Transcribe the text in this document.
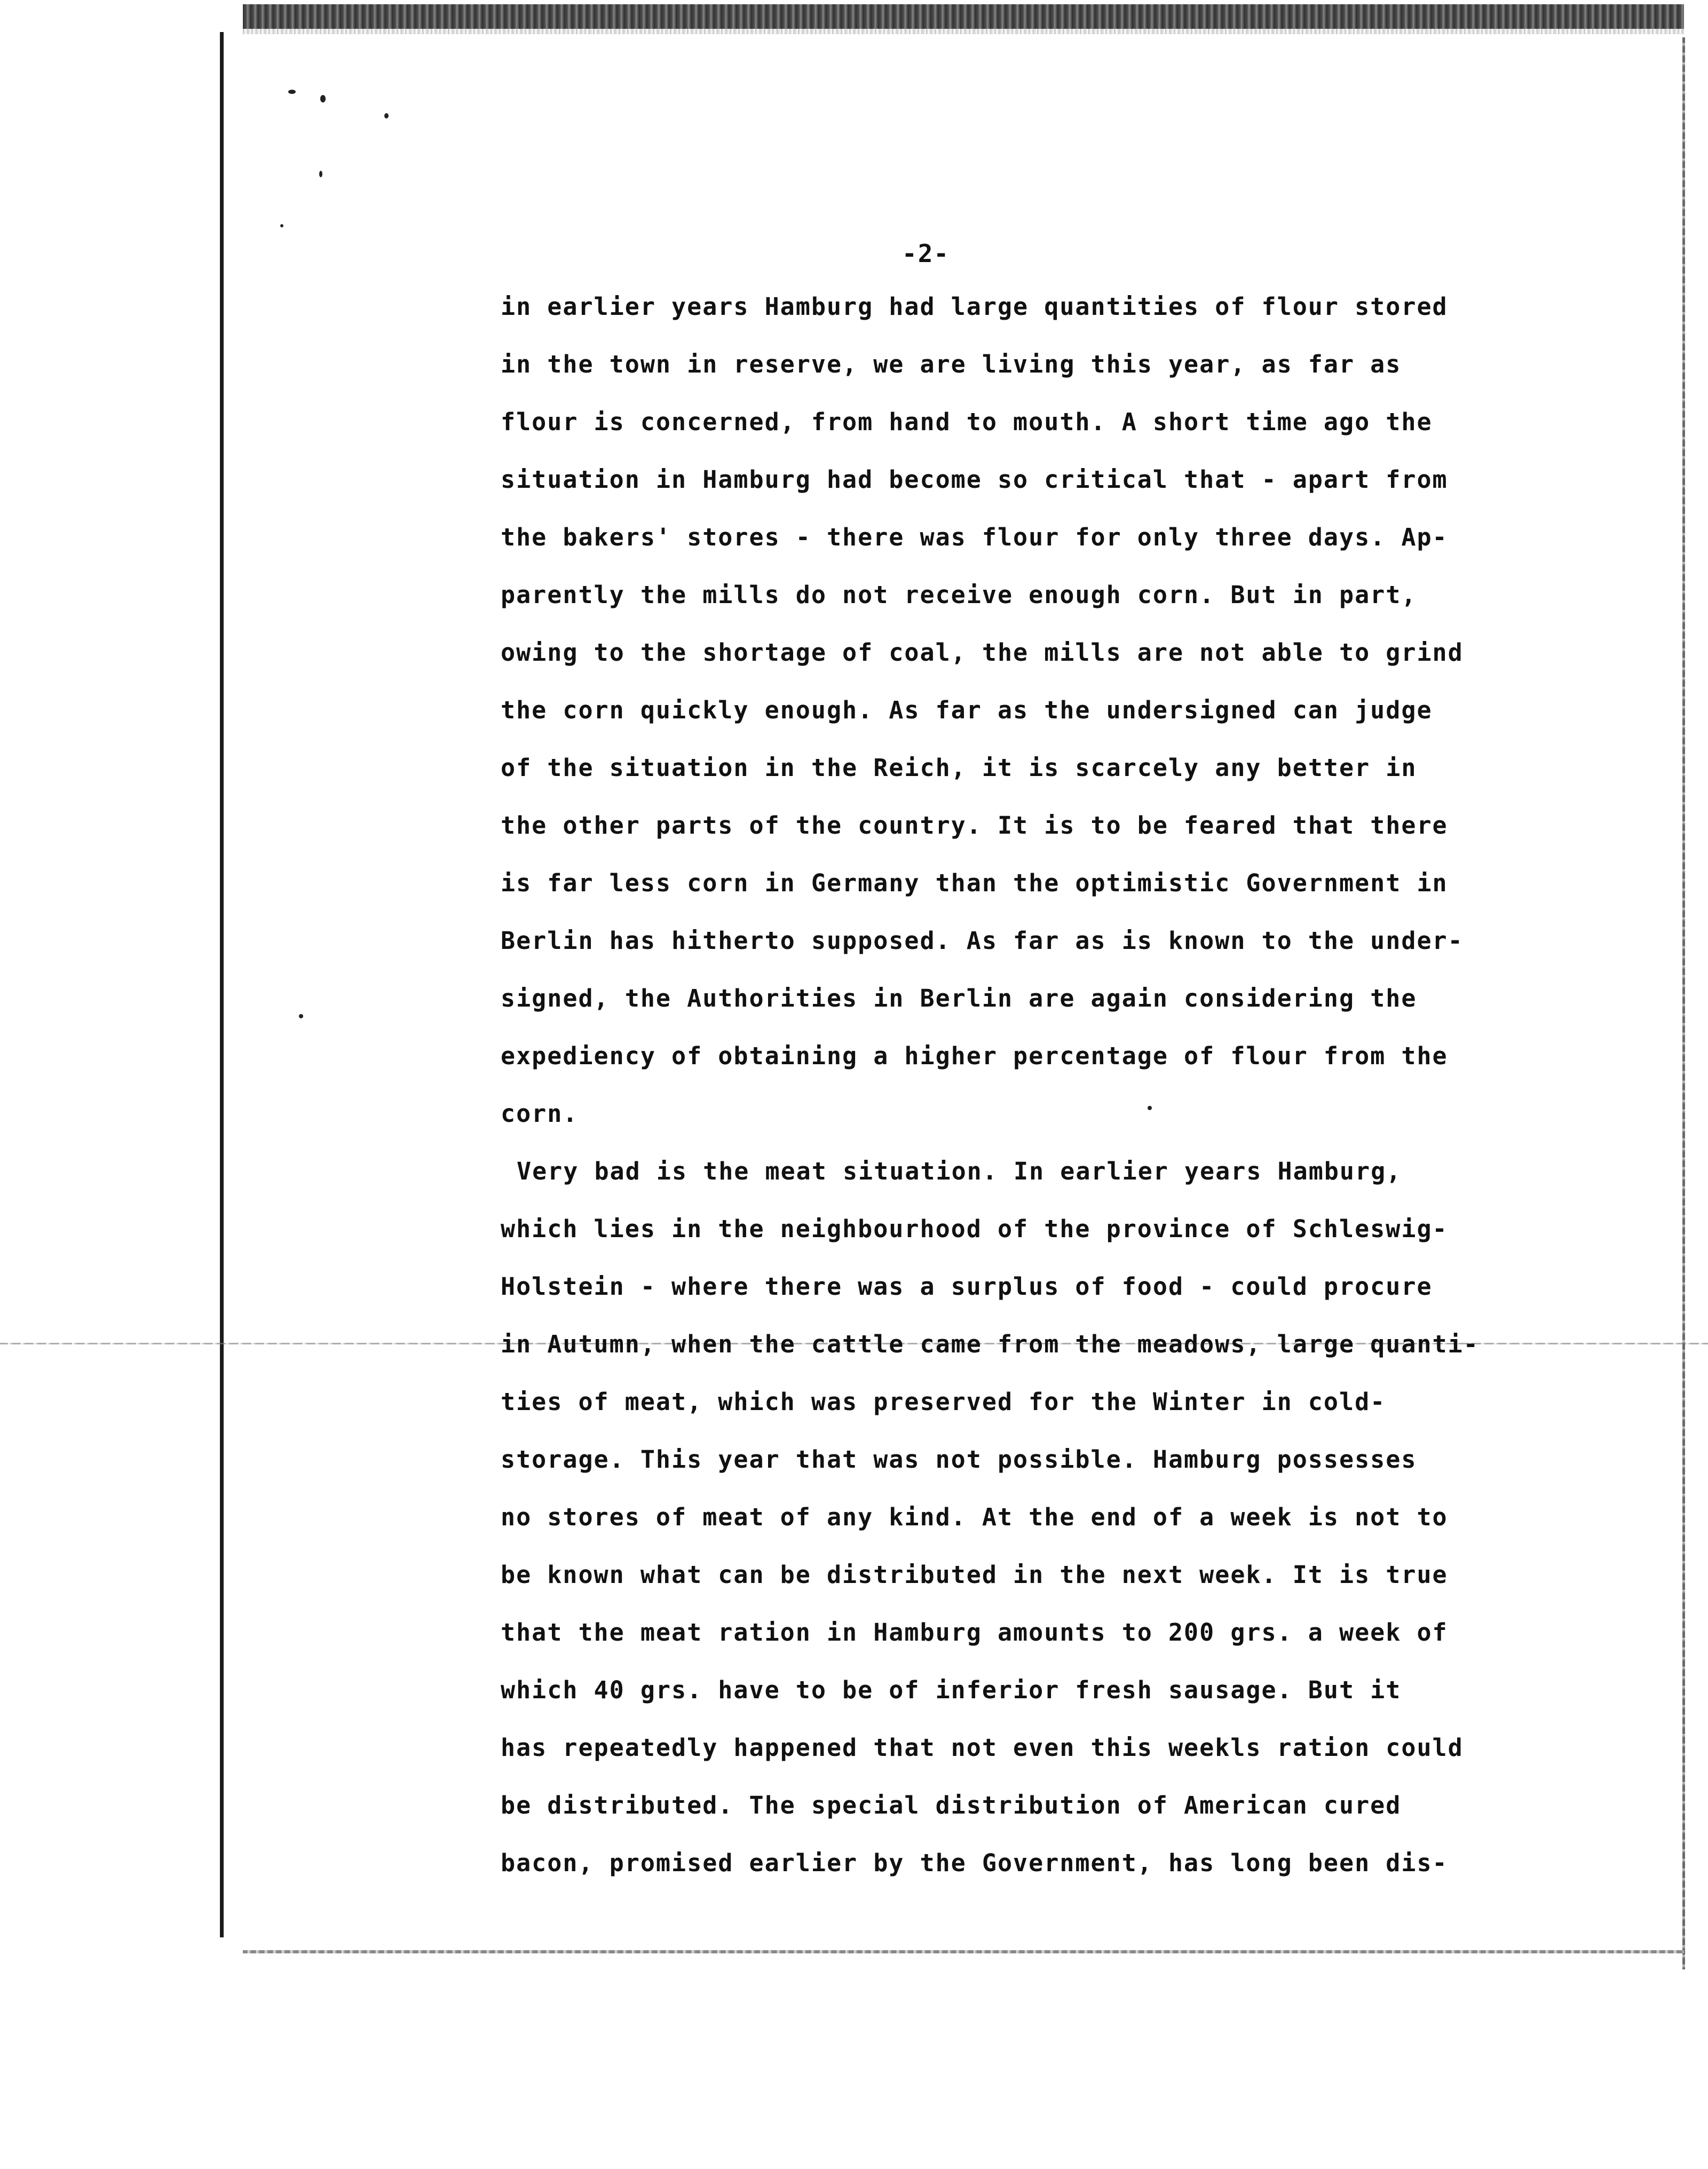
-2-
in earlier years Hamburg had large quantities of flour stored
in the town in reserve, we are living this year, as far as
flour is concerned, from hand to mouth. A short time ago the
situation in Hamburg had become so critical that - apart from
the bakers' stores - there was flour for only three days. Ap-
parently the mills do not receive enough corn. But in part,
owing to the shortage of coal, the mills are not able to grind
the corn quickly enough. As far as the undersigned can judge
of the situation in the Reich, it is scarcely any better in
the other parts of the country. It is to be feared that there
is far less corn in Germany than the optimistic Government in
Berlin has hitherto supposed. As far as is known to the under-
signed, the Authorities in Berlin are again considering the
expediency of obtaining a higher percentage of flour from the
corn.
Very bad is the meat situation. In earlier years Hamburg,
which lies in the neighbourhood of the province of Schleswig-
Holstein - where there was a surplus of food - could procure
in Autumn, when the cattle came from the meadows, large quanti-
ties of meat, which was preserved for the Winter in cold-
storage. This year that was not possible. Hamburg possesses
no stores of meat of any kind. At the end of a week is not to
be known what can be distributed in the next week. It is true
that the meat ration in Hamburg amounts to 200 grs. a week of
which 40 grs. have to be of inferior fresh sausage. But it
has repeatedly happened that not even this weekls ration could
be distributed. The special distribution of American cured
bacon, promised earlier by the Government, has long been dis-
